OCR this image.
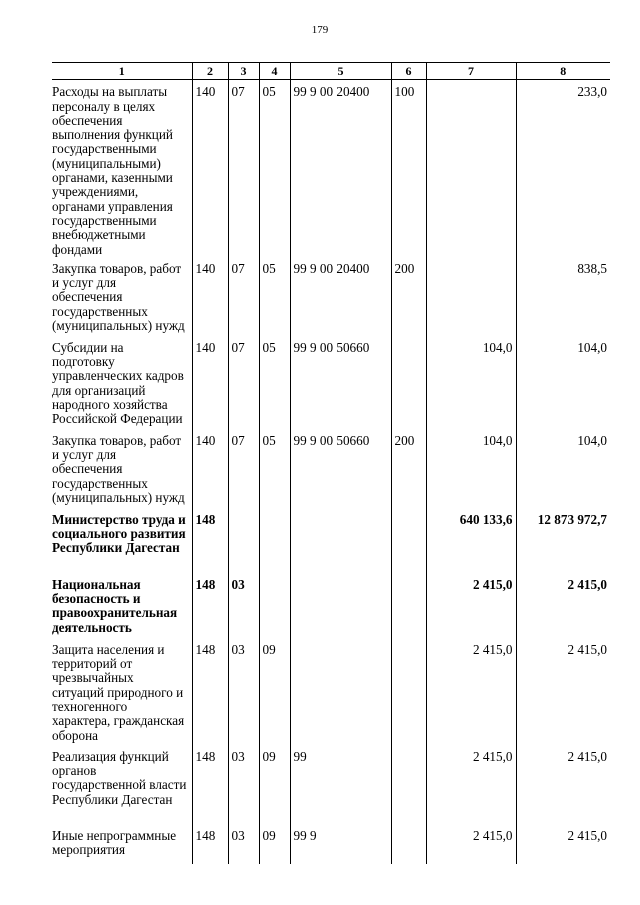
179
1	2	3	4	5	6	7	8
Расходы на выплаты персоналу в целях обеспечения выполнения функций государственными (муниципальными) органами, казенными учреждениями, органами управления государственными внебюджетными фондами	140	07	05	99 9 00 20400	100		233,0
Закупка товаров, работ и услуг для обеспечения государственных (муниципальных) нужд	140	07	05	99 9 00 20400	200		838,5
Субсидии на подготовку управленческих кадров для организаций народного хозяйства Российской Федерации	140	07	05	99 9 00 50660		104,0	104,0
Закупка товаров, работ и услуг для обеспечения государственных (муниципальных) нужд	140	07	05	99 9 00 50660	200	104,0	104,0
Министерство труда и социального развития Республики Дагестан	148					640 133,6	12 873 972,7
Национальная безопасность и правоохранительная деятельность	148	03				2 415,0	2 415,0
Защита населения и территорий от чрезвычайных ситуаций природного и техногенного характера, гражданская оборона	148	03	09			2 415,0	2 415,0
Реализация функций органов государственной власти Республики Дагестан	148	03	09	99		2 415,0	2 415,0
Иные непрограммные мероприятия	148	03	09	99 9		2 415,0	2 415,0
